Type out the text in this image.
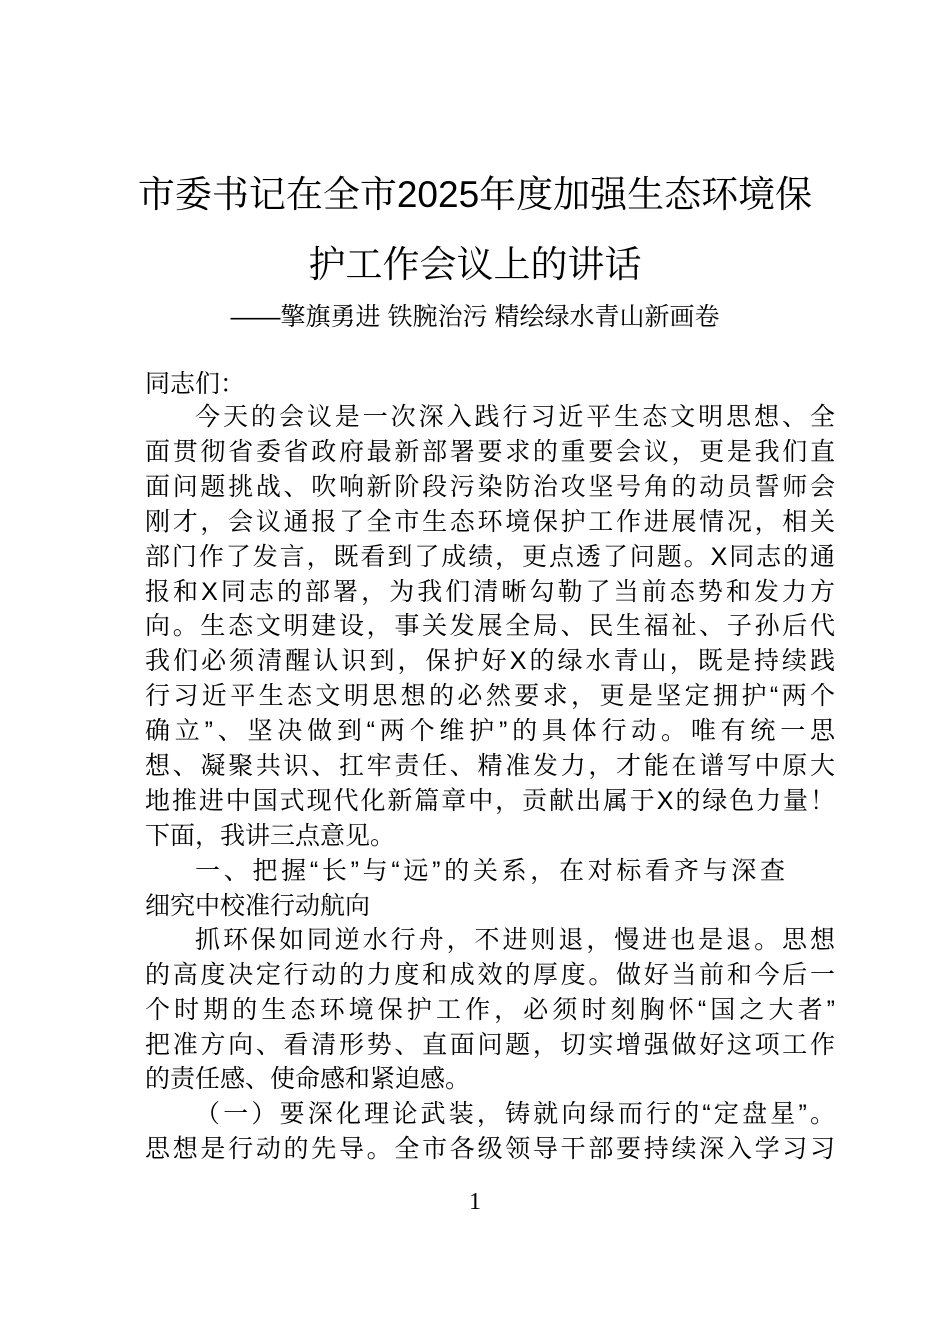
市委书记在全市2025年度加强生态环境保
护工作会议上的讲话
——擎旗勇进 铁腕治污 精绘绿水青山新画卷
同志们：
今天的会议是一次深入践行习近平生态文明思想、全
面贯彻省委省政府最新部署要求的重要会议，更是我们直
面问题挑战、吹响新阶段污染防治攻坚号角的动员誓师会
刚才，会议通报了全市生态环境保护工作进展情况，相关
部门作了发言，既看到了成绩，更点透了问题。X同志的通
报和X同志的部署，为我们清晰勾勒了当前态势和发力方
向。生态文明建设，事关发展全局、民生福祉、子孙后代
我们必须清醒认识到，保护好X的绿水青山，既是持续践
行习近平生态文明思想的必然要求，更是坚定拥护“两个
确立”、坚决做到“两个维护”的具体行动。唯有统一思
想、凝聚共识、扛牢责任、精准发力，才能在谱写中原大
地推进中国式现代化新篇章中，贡献出属于X的绿色力量！
下面，我讲三点意见。
一、把握“长”与“远”的关系，在对标看齐与深查
细究中校准行动航向
抓环保如同逆水行舟，不进则退，慢进也是退。思想
的高度决定行动的力度和成效的厚度。做好当前和今后一
个时期的生态环境保护工作，必须时刻胸怀“国之大者”
把准方向、看清形势、直面问题，切实增强做好这项工作
的责任感、使命感和紧迫感。
（一）要深化理论武装，铸就向绿而行的“定盘星”。
思想是行动的先导。全市各级领导干部要持续深入学习习
1
